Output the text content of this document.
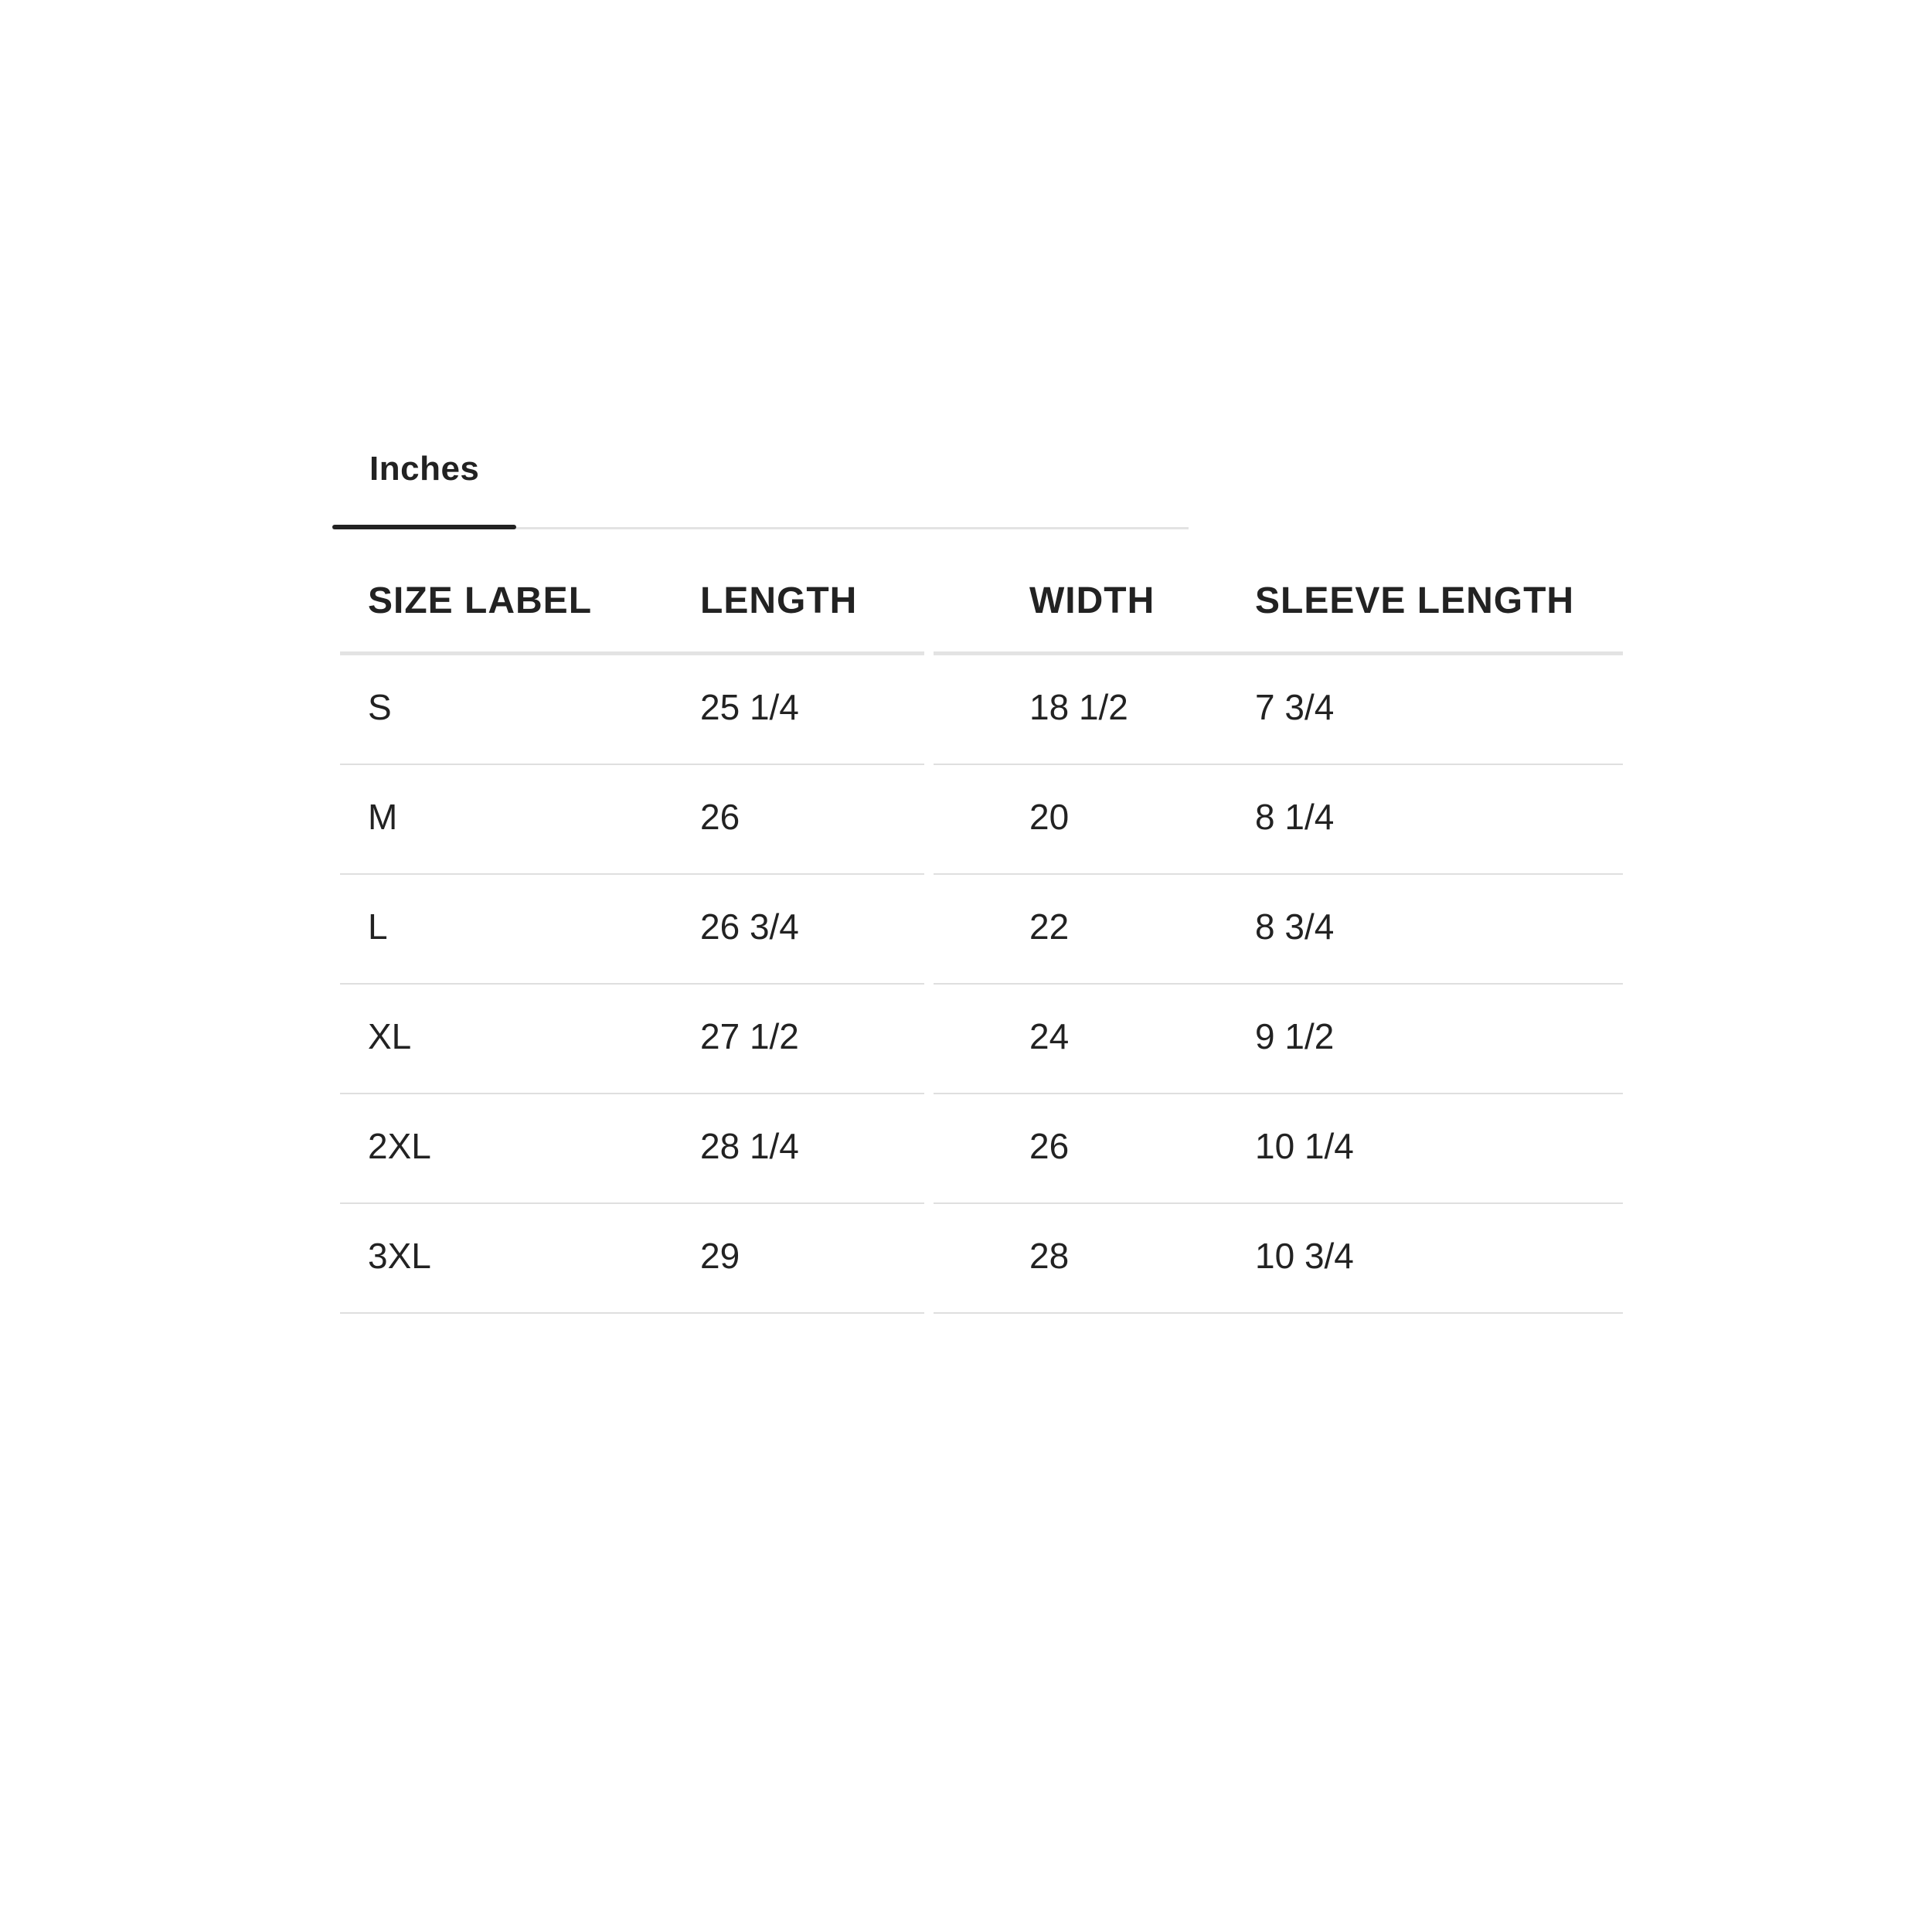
Inches
SIZE LABEL	LENGTH	WIDTH	SLEEVE LENGTH
S	25 1/4	18 1/2	7 3/4
M	26	20	8 1/4
L	26 3/4	22	8 3/4
XL	27 1/2	24	9 1/2
2XL	28 1/4	26	10 1/4
3XL	29	28	10 3/4
